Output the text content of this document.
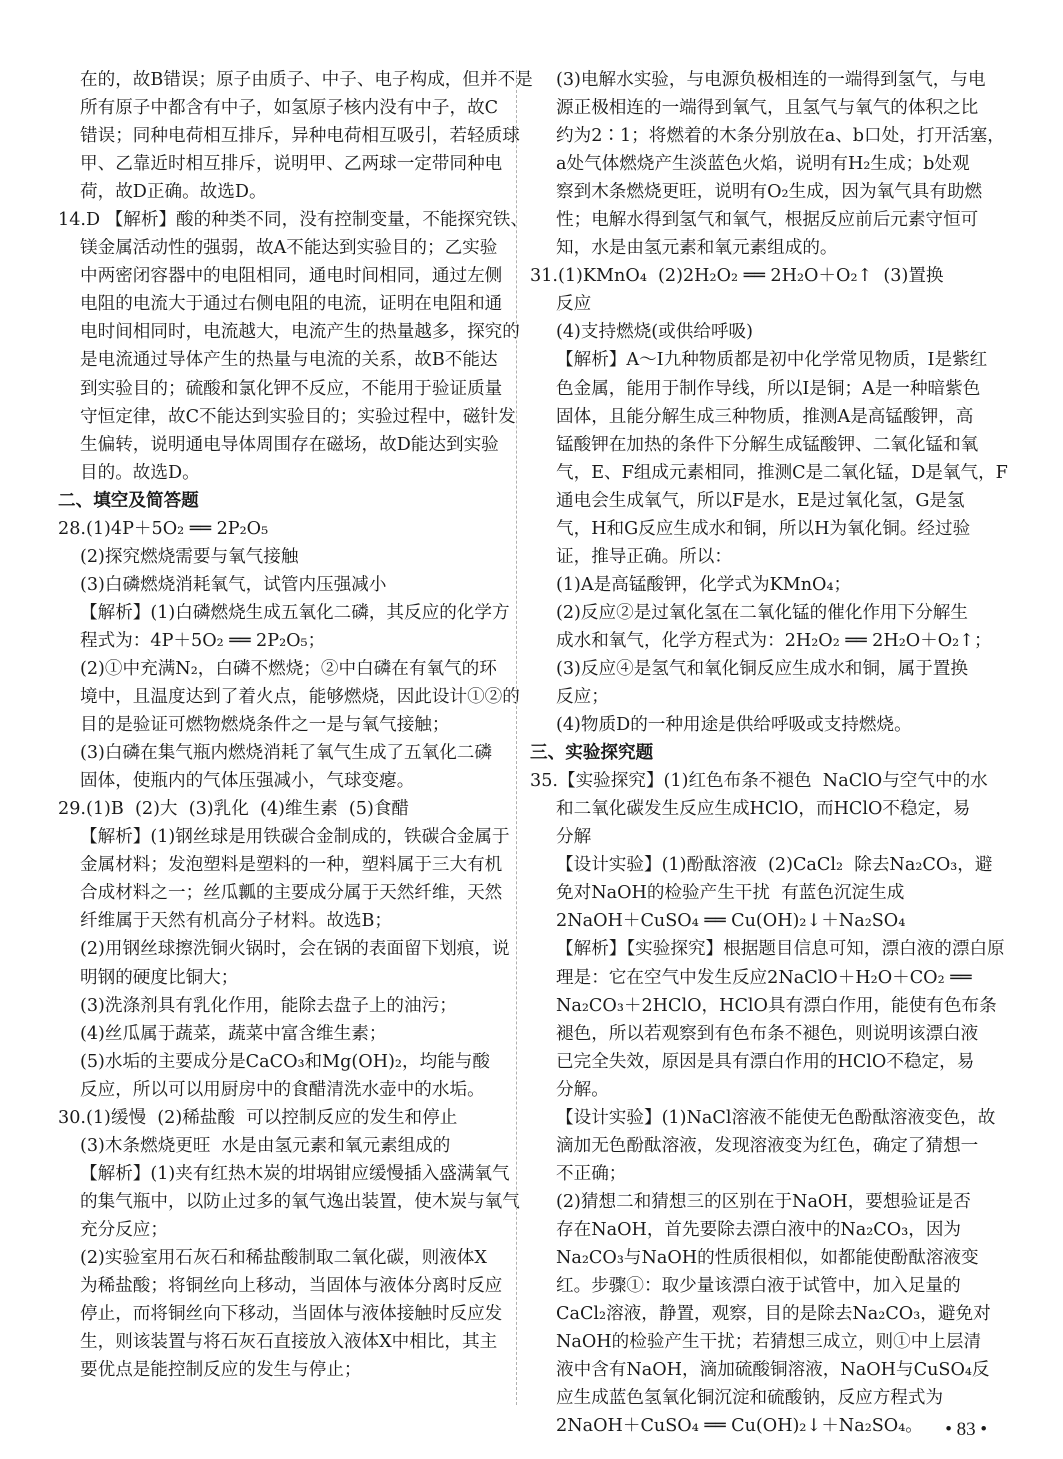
在的，故B错误；原子由质子、中子、电子构成，但并不是
所有原子中都含有中子，如氢原子核内没有中子，故C
错误；同种电荷相互排斥，异种电荷相互吸引，若轻质球
甲、乙靠近时相互排斥，说明甲、乙两球一定带同种电
荷，故D正确。故选D。
14.D 【解析】酸的种类不同，没有控制变量，不能探究铁、
镁金属活动性的强弱，故A不能达到实验目的；乙实验
中两密闭容器中的电阻相同，通电时间相同，通过左侧
电阻的电流大于通过右侧电阻的电流，证明在电阻和通
电时间相同时，电流越大，电流产生的热量越多，探究的
是电流通过导体产生的热量与电流的关系，故B不能达
到实验目的；硫酸和氯化钾不反应，不能用于验证质量
守恒定律，故C不能达到实验目的；实验过程中，磁针发
生偏转，说明通电导体周围存在磁场，故D能达到实验
目的。故选D。
二、填空及简答题
28.(1)4P＋5O₂ ══ 2P₂O₅
(2)探究燃烧需要与氧气接触
(3)白磷燃烧消耗氧气，试管内压强减小
【解析】(1)白磷燃烧生成五氧化二磷，其反应的化学方
程式为：4P＋5O₂ ══ 2P₂O₅；
(2)①中充满N₂，白磷不燃烧；②中白磷在有氧气的环
境中，且温度达到了着火点，能够燃烧，因此设计①②的
目的是验证可燃物燃烧条件之一是与氧气接触；
(3)白磷在集气瓶内燃烧消耗了氧气生成了五氧化二磷
固体，使瓶内的气体压强减小，气球变瘪。
29.(1)B  (2)大  (3)乳化  (4)维生素  (5)食醋
【解析】(1)钢丝球是用铁碳合金制成的，铁碳合金属于
金属材料；发泡塑料是塑料的一种，塑料属于三大有机
合成材料之一；丝瓜瓤的主要成分属于天然纤维，天然
纤维属于天然有机高分子材料。故选B；
(2)用钢丝球擦洗铜火锅时，会在锅的表面留下划痕，说
明钢的硬度比铜大；
(3)洗涤剂具有乳化作用，能除去盘子上的油污；
(4)丝瓜属于蔬菜，蔬菜中富含维生素；
(5)水垢的主要成分是CaCO₃和Mg(OH)₂，均能与酸
反应，所以可以用厨房中的食醋清洗水壶中的水垢。
30.(1)缓慢  (2)稀盐酸  可以控制反应的发生和停止
(3)木条燃烧更旺  水是由氢元素和氧元素组成的
【解析】(1)夹有红热木炭的坩埚钳应缓慢插入盛满氧气
的集气瓶中，以防止过多的氧气逸出装置，使木炭与氧气
充分反应；
(2)实验室用石灰石和稀盐酸制取二氧化碳，则液体X
为稀盐酸；将铜丝向上移动，当固体与液体分离时反应
停止，而将铜丝向下移动，当固体与液体接触时反应发
生，则该装置与将石灰石直接放入液体X中相比，其主
要优点是能控制反应的发生与停止；
(3)电解水实验，与电源负极相连的一端得到氢气，与电
源正极相连的一端得到氧气，且氢气与氧气的体积之比
约为2∶1；将燃着的木条分别放在a、b口处，打开活塞，
a处气体燃烧产生淡蓝色火焰，说明有H₂生成；b处观
察到木条燃烧更旺，说明有O₂生成，因为氧气具有助燃
性；电解水得到氢气和氧气，根据反应前后元素守恒可
知，水是由氢元素和氧元素组成的。
31.(1)KMnO₄  (2)2H₂O₂ ══ 2H₂O＋O₂↑  (3)置换
反应
(4)支持燃烧(或供给呼吸)
【解析】A～I九种物质都是初中化学常见物质，I是紫红
色金属，能用于制作导线，所以I是铜；A是一种暗紫色
固体，且能分解生成三种物质，推测A是高锰酸钾，高
锰酸钾在加热的条件下分解生成锰酸钾、二氧化锰和氧
气，E、F组成元素相同，推测C是二氧化锰，D是氧气，F
通电会生成氧气，所以F是水，E是过氧化氢，G是氢
气，H和G反应生成水和铜，所以H为氧化铜。经过验
证，推导正确。所以：
(1)A是高锰酸钾，化学式为KMnO₄；
(2)反应②是过氧化氢在二氧化锰的催化作用下分解生
成水和氧气，化学方程式为：2H₂O₂ ══ 2H₂O＋O₂↑；
(3)反应④是氢气和氧化铜反应生成水和铜，属于置换
反应；
(4)物质D的一种用途是供给呼吸或支持燃烧。
三、实验探究题
35.【实验探究】(1)红色布条不褪色  NaClO与空气中的水
和二氧化碳发生反应生成HClO，而HClO不稳定，易
分解
【设计实验】(1)酚酞溶液  (2)CaCl₂  除去Na₂CO₃，避
免对NaOH的检验产生干扰  有蓝色沉淀生成
2NaOH＋CuSO₄ ══ Cu(OH)₂↓＋Na₂SO₄
【解析】【实验探究】根据题目信息可知，漂白液的漂白原
理是：它在空气中发生反应2NaClO＋H₂O＋CO₂ ══
Na₂CO₃＋2HClO，HClO具有漂白作用，能使有色布条
褪色，所以若观察到有色布条不褪色，则说明该漂白液
已完全失效，原因是具有漂白作用的HClO不稳定，易
分解。
【设计实验】(1)NaCl溶液不能使无色酚酞溶液变色，故
滴加无色酚酞溶液，发现溶液变为红色，确定了猜想一
不正确；
(2)猜想二和猜想三的区别在于NaOH，要想验证是否
存在NaOH，首先要除去漂白液中的Na₂CO₃，因为
Na₂CO₃与NaOH的性质很相似，如都能使酚酞溶液变
红。步骤①：取少量该漂白液于试管中，加入足量的
CaCl₂溶液，静置，观察，目的是除去Na₂CO₃，避免对
NaOH的检验产生干扰；若猜想三成立，则①中上层清
液中含有NaOH，滴加硫酸铜溶液，NaOH与CuSO₄反
应生成蓝色氢氧化铜沉淀和硫酸钠，反应方程式为
2NaOH＋CuSO₄ ══ Cu(OH)₂↓＋Na₂SO₄。	• 83 •
